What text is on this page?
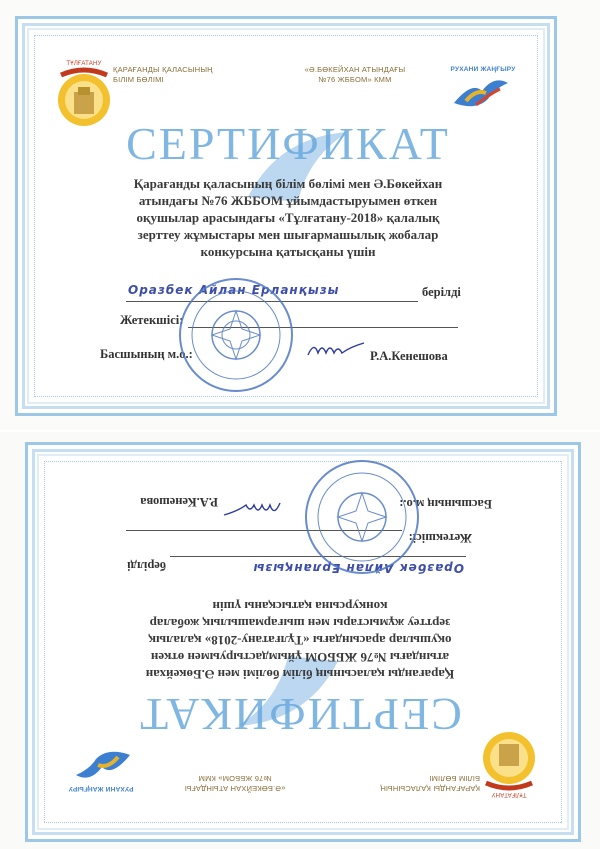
ТҰЛҒАТАНУ
ҚАРАҒАНДЫ ҚАЛАСЫНЫҢ
БІЛІМ БӨЛІМІ
«Ә.БӨКЕЙХАН АТЫНДАҒЫ
№76 ЖББОМ» КММ
РУХАНИ ЖАҢҒЫРУ
СЕРТИФИКАТ
Қарағанды қаласының білім бөлімі мен Ә.Бөкейхан
атындағы №76 ЖББОМ ұйымдастыруымен өткен
оқушылар арасындағы «Тұлғатану-2018» қалалық
зерттеу жұмыстары мен шығармашылық жобалар
конкурсына қатысқаны үшін
Оразбек Айлан Ерланқызы	берілді
Жетекшісі:
Басшының м.о.:	Р.А.Кенешова
ТҰЛҒАТАНУ
ҚАРАҒАНДЫ ҚАЛАСЫНЫҢ
БІЛІМ БӨЛІМІ
«Ә.БӨКЕЙХАН АТЫНДАҒЫ
№76 ЖББОМ» КММ
РУХАНИ ЖАҢҒЫРУ
СЕРТИФИКАТ
Қарағанды қаласының білім бөлімі мен Ә.Бөкейхан
атындағы №76 ЖББОМ ұйымдастыруымен өткен
оқушылар арасындағы «Тұлғатану-2018» қалалық
зерттеу жұмыстары мен шығармашылық жобалар
конкурсына қатысқаны үшін
Оразбек Айлан Ерланқызы
берілді
Жетекшісі:
Басшының м.о.:
Р.А.Кенешова
